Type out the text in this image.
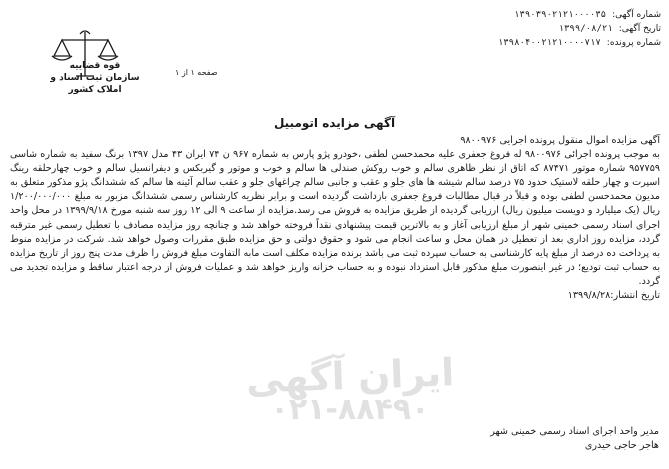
ایران آگهی
۰۲۱-۸۸۴۹۰
قوه قضاییه
سازمان ثبت اسناد و املاک کشور
صفحه ۱ از ۱
شماره آگهی:۱۳۹۰۳۹۰۲۱۲۱۰۰۰۰۳۵
تاریخ آگهی:۱۳۹۹/۰۸/۲۱
شماره پرونده:۱۳۹۸۰۴۰۰۲۱۲۱۰۰۰۰۷۱۷
آگهی مزایده اتومبیل

آگهی مزایده اموال منقول پرونده اجرایی ۹۸۰۰۹۷۶

به موجب پرونده اجرائی ۹۸۰۰۹۷۶ له فروغ جعفری علیه محمدحسن لطفی ،خودرو پژو پارس به شماره ۹۶۷ ن ۷۴ ایران ۴۳ مدل ۱۳۹۷ برنگ سفید به شماره شاسی ۹۵۷۷۵۹ شماره موتور ۸۷۴۷۱ که اتاق از نظر ظاهری سالم و خوب روکش صندلی ها سالم و خوب و موتور و گیربکس و دیفرانسیل سالم و خوب چهارحلقه رینگ اسپرت و چهار حلقه لاستیک حدود ۷۵ درصد سالم شیشه ها های جلو و عقب و جانبی سالم چراغهای جلو و عقب سالم آئینه ها سالم که ششدانگ پژو مذکور متعلق به مدیون محمدحسن لطفی بوده و قبلاً در قبال مطالبات فروغ جعفری بازداشت گردیده است و برابر نظریه کارشناس رسمی ششدانگ مزبور به مبلغ ۱/۲۰۰/۰۰۰/۰۰۰ ریال (یک میلیارد و دویست میلیون ریال) ارزیابی گردیده از طریق مزایده به فروش می رسد.مزایده از ساعت ۹ الی ۱۲ روز سه شنبه مورخ ۱۳۹۹/۹/۱۸ در محل واحد اجرای اسناد رسمی خمینی شهر از مبلغ ارزیابی آغاز و به بالاترین قیمت پیشنهادی نقداً فروخته خواهد شد و چنانچه روز مزایده مصادف با تعطیل رسمی غیر مترقبه گردد، مزایده روز اداری بعد از تعطیل در همان محل و ساعت انجام می شود و حقوق دولتی و حق مزایده طبق مقررات وصول خواهد شد. شرکت در مزایده منوط به پرداخت ده درصد از مبلغ پایه کارشناسی به حساب سپرده ثبت می باشد برنده مزایده مکلف است مابه التفاوت مبلغ فروش را ظرف مدت پنج روز از تاریخ مزایده به حساب ثبت تودیع؛ در غیر اینصورت مبلغ مذکور قابل استرداد نبوده و به حساب خزانه واریز خواهد شد و عملیات فروش از درجه اعتبار ساقط و مزایده تجدید می گردد.

تاریخ انتشار:۱۳۹۹/۸/۲۸

مدیر واحد اجرای اسناد رسمی خمینی شهر
هاجر حاجی حیدری
